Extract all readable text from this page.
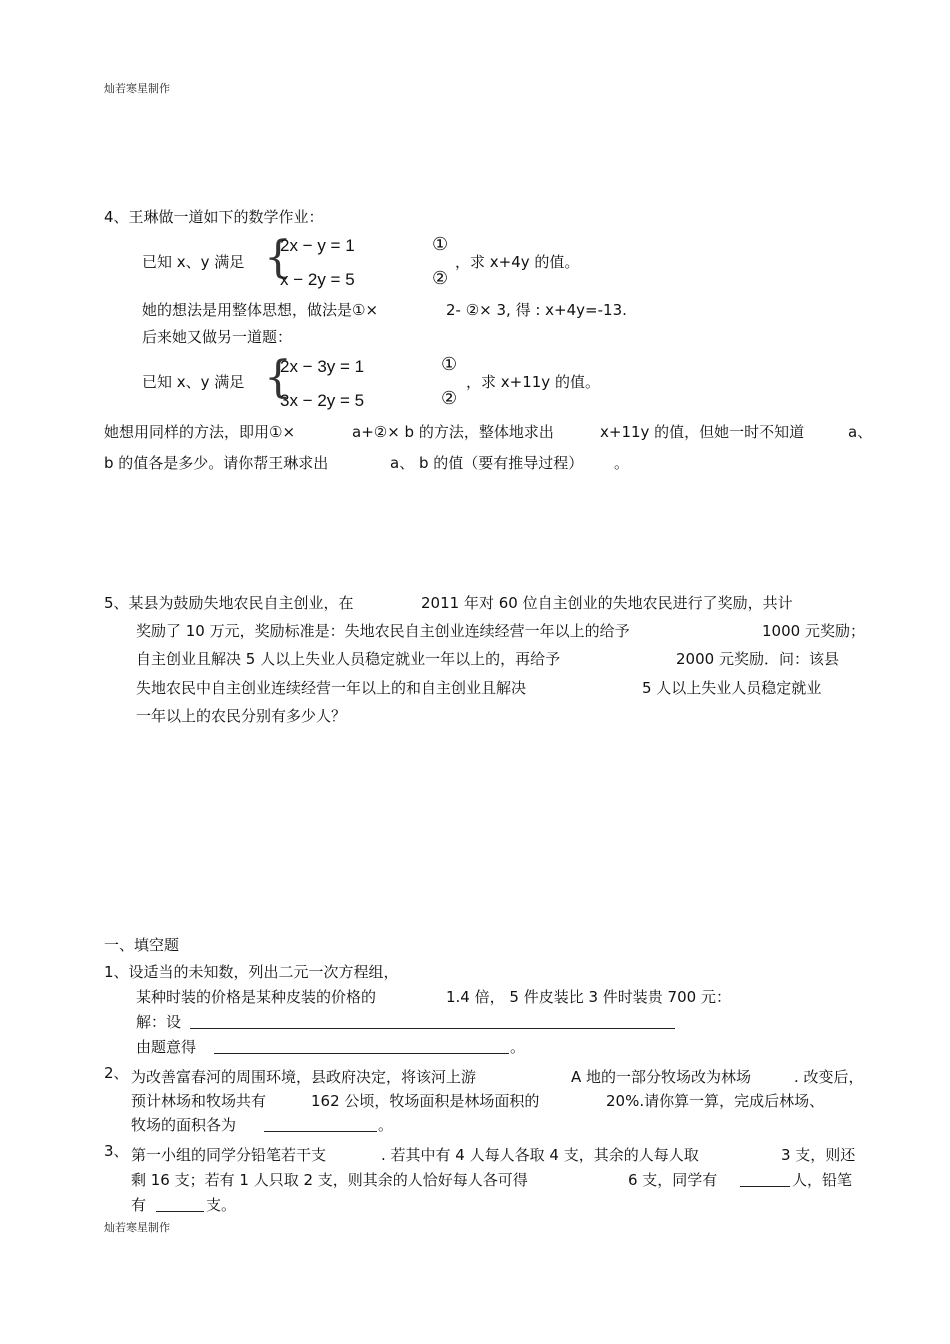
灿若寒星制作
4、王琳做一道如下的数学作业：
已知 x、y 满足 {
2x − y = 1
x − 2y = 5
①
②
，求 x+4y 的值。
她的想法是用整体思想，做法是①×	2- ②× 3, 得 : x+4y=-13.
后来她又做另一道题：
已知 x、y 满足 {
2x − 3y = 1
3x − 2y = 5
①
②
，求 x+11y 的值。
她想用同样的方法，即用①×	a+②× b 的方法，整体地求出	x+11y 的值，但她一时不知道	a、
b 的值各是多少。请你帮王琳求出	a、 b 的值（要有推导过程） 。
5、某县为鼓励失地农民自主创业，在	2011 年对 60 位自主创业的失地农民进行了奖励，共计
奖励了 10 万元，奖励标准是：失地农民自主创业连续经营一年以上的给予	1000 元奖励；
自主创业且解决 5 人以上失业人员稳定就业一年以上的，再给予	2000 元奖励．问：该县
失地农民中自主创业连续经营一年以上的和自主创业且解决	5 人以上失业人员稳定就业
一年以上的农民分别有多少人？
一、填空题
1、设适当的未知数，列出二元一次方程组，
某种时装的价格是某种皮装的价格的	1.4 倍， 5 件皮装比 3 件时装贵 700 元：
解：设
由题意得	。
2、 为改善富春河的周围环境，县政府决定，将该河上游	A 地的一部分牧场改为林场	. 改变后，
预计林场和牧场共有	162 公顷，牧场面积是林场面积的	20%.请你算一算，完成后林场、
牧场的面积各为	。
3、 第一小组的同学分铅笔若干支	. 若其中有 4 人每人各取 4 支，其余的人每人取	3 支，则还
剩 16 支；若有 1 人只取 2 支，则其余的人恰好每人各可得	6 支，同学有	人，铅笔
有	支。
灿若寒星制作
